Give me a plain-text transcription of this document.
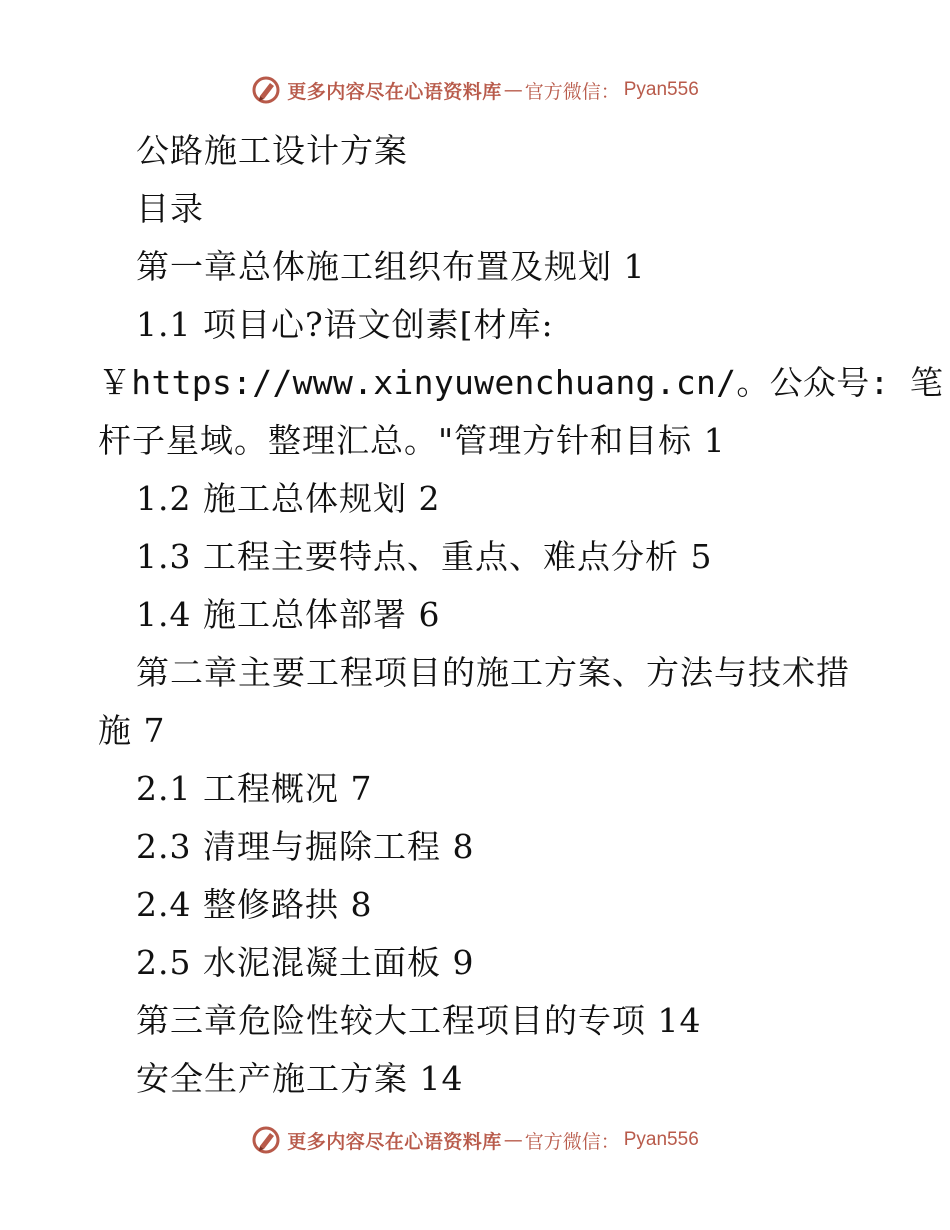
更多内容尽在心语资料库 — 官方微信： Pyan556
公路施工设计方案
目录
第一章总体施工组织布置及规划 1
1.1 项目心?语文创素[材库:
￥https://www.xinyuwenchuang.cn/。公众号: 笔
杆子星域。整理汇总。"管理方针和目标 1
1.2 施工总体规划 2
1.3 工程主要特点、重点、难点分析 5
1.4 施工总体部署 6
第二章主要工程项目的施工方案、方法与技术措
施 7
2.1 工程概况 7
2.3 清理与掘除工程 8
2.4 整修路拱 8
2.5 水泥混凝土面板 9
第三章危险性较大工程项目的专项 14
安全生产施工方案 14
更多内容尽在心语资料库 — 官方微信： Pyan556
